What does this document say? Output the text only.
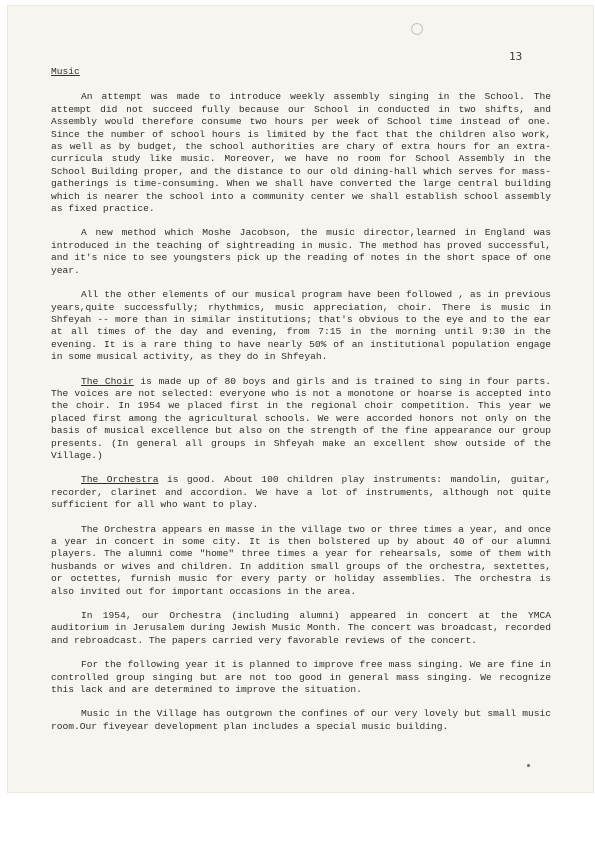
13
Music

An attempt was made to introduce weekly assembly singing in the School. The attempt did not succeed fully because our School in conducted in two shifts, and Assembly would therefore consume two hours per week of School time instead of one. Since the number of school hours is limited by the fact that the children also work, as well as by budget, the school authorities are chary of extra hours for an extra-curricula study like music. Moreover, we have no room for School Assembly in the School Building proper, and the distance to our old dining-hall which serves for mass-gatherings is time-consuming. When we shall have converted the large central building which is nearer the school into a community center we shall establish school assembly as fixed practice.

A new method which Moshe Jacobson, the music director,learned in England was introduced in the teaching of sightreading in music. The method has proved successful, and it's nice to see youngsters pick up the reading of notes in the short space of one year.

All the other elements of our musical program have been followed , as in previous years,quite successfully; rhythmics, music appreciation, choir. There is music in Shfeyah -- more than in similar institutions; that's obvious to the eye and to the ear at all times of the day and evening, from 7:15 in the morning until 9:30 in the evening. It is a rare thing to have nearly 50% of an institutional population engage in some musical activity, as they do in Shfeyah.

The Choir is made up of 80 boys and girls and is trained to sing in four parts. The voices are not selected: everyone who is not a monotone or hoarse is accepted into the choir. In 1954 we placed first in the regional choir competition. This year we placed first among the agricultural schools. We were accorded honors not only on the basis of musical excellence but also on the strength of the fine appearance our group presents. (In general all groups in Shfeyah make an excellent show outside of the Village.)

The Orchestra is good. About 100 children play instruments: mandolin, guitar, recorder, clarinet and accordion. We have a lot of instruments, although not quite sufficient for all who want to play.

The Orchestra appears en masse in the village two or three times a year, and once a year in concert in some city. It is then bolstered up by about 40 of our alumni players. The alumni come "home" three times a year for rehearsals, some of them with husbands or wives and children. In addition small groups of the orchestra, sextettes, or octettes, furnish music for every party or holiday assemblies. The orchestra is also invited out for important occasions in the area.

In 1954, our Orchestra (including alumni) appeared in concert at the YMCA auditorium in Jerusalem during Jewish Music Month. The concert was broadcast, recorded and rebroadcast. The papers carried very favorable reviews of the concert.

For the following year it is planned to improve free mass singing. We are fine in controlled group singing but are not too good in general mass singing. We recognize this lack and are determined to improve the situation.

Music in the Village has outgrown the confines of our very lovely but small music room.Our fiveyear development plan includes a special music building.
